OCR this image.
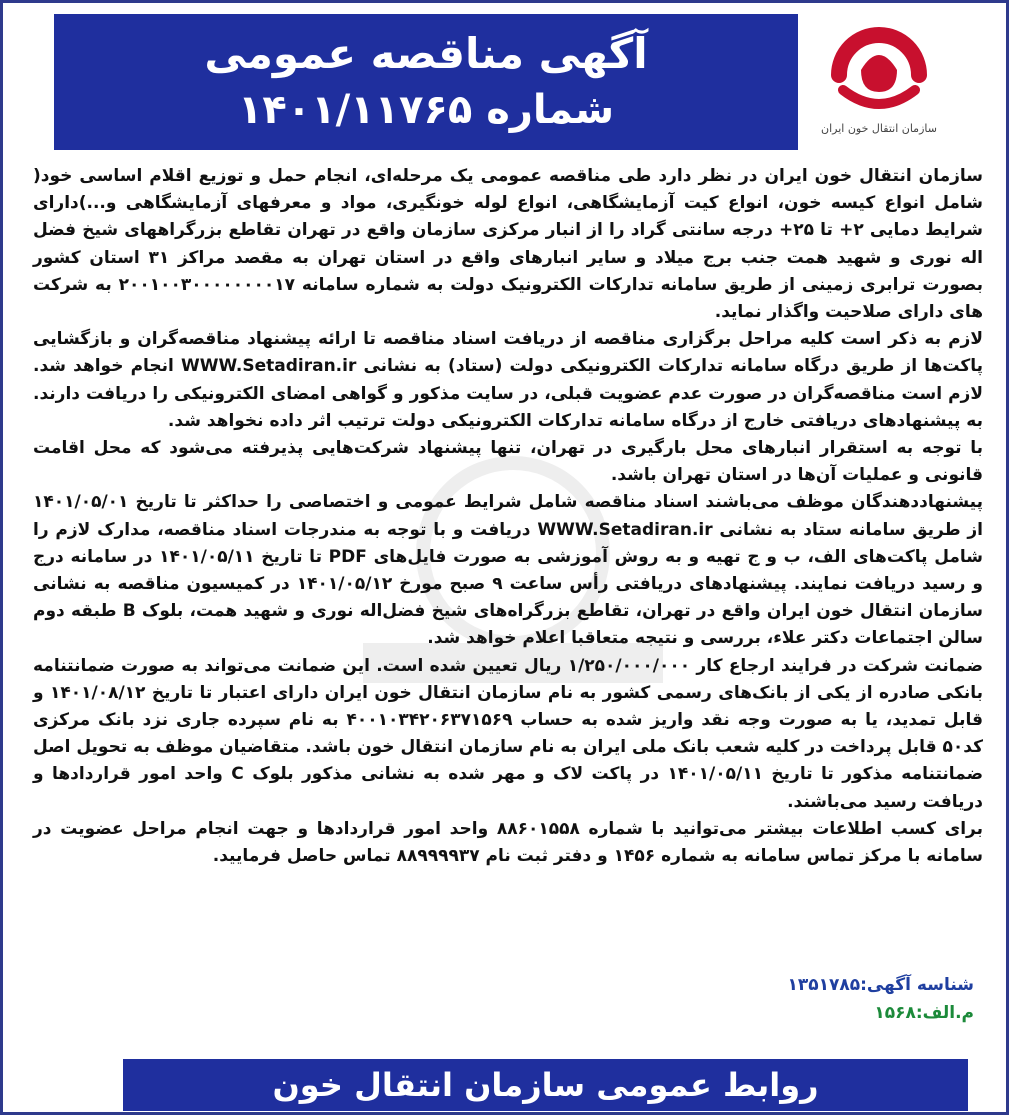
آگهی مناقصه عمومی
شماره ۱۴۰۱/۱۱۷۶۵	سازمان انتقال خون ایران

سازمان انتقال خون ایران در نظر دارد طی مناقصه عمومی یک مرحله‌ای، انجام حمل و توزیع اقلام اساسی خود( شامل انواع کیسه خون، انواع کیت آزمایشگاهی، انواع لوله خونگیری، مواد و معرفهای آزمایشگاهی و...)دارای شرایط دمایی ۲+ تا ۲۵+ درجه سانتی گراد را از انبار مرکزی سازمان واقع در تهران تقاطع بزرگراههای شیخ فضل اله نوری و شهید همت جنب برج میلاد و سایر انبارهای واقع در استان تهران به مقصد مراکز ۳۱ استان کشور بصورت ترابری زمینی از طریق سامانه تدارکات الکترونیک دولت به شماره سامانه ۲۰۰۱۰۰۳۰۰۰۰۰۰۰۰۱۷ به شرکت های دارای صلاحیت واگذار نماید.

لازم به ذکر است کلیه مراحل برگزاری مناقصه از دریافت اسناد مناقصه تا ارائه پیشنهاد مناقصه‌گران و بازگشایی پاکت‌ها از طریق درگاه سامانه تدارکات الکترونیکی دولت (ستاد) به نشانی WWW.Setadiran.ir انجام خواهد شد. لازم است مناقصه‌گران در صورت عدم عضویت قبلی، در سایت مذکور و گواهی امضای الکترونیکی را دریافت دارند. به پیشنهادهای دریافتی خارج از درگاه سامانه تدارکات الکترونیکی دولت ترتیب اثر داده نخواهد شد.

با توجه به استقرار انبارهای محل بارگیری در تهران، تنها پیشنهاد شرکت‌هایی پذیرفته می‌شود که محل اقامت قانونی و عملیات آن‌ها در استان تهران باشد.

پیشنهاددهندگان موظف می‌باشند اسناد مناقصه شامل شرایط عمومی و اختصاصی را حداکثر تا تاریخ ۱۴۰۱/۰۵/۰۱ از طریق سامانه ستاد به نشانی WWW.Setadiran.ir دریافت و با توجه به مندرجات اسناد مناقصه، مدارک لازم را شامل پاکت‌های الف، ب و ج تهیه و به روش آموزشی به صورت فایل‌های PDF تا تاریخ ۱۴۰۱/۰۵/۱۱ در سامانه درج و رسید دریافت نمایند. پیشنهادهای دریافتی رأس ساعت ۹ صبح مورخ ۱۴۰۱/۰۵/۱۲ در کمیسیون مناقصه به نشانی سازمان انتقال خون ایران واقع در تهران، تقاطع بزرگراه‌های شیخ فضل‌اله نوری و شهید همت، بلوک B طبقه دوم سالن اجتماعات دکتر علاء، بررسی و نتیجه متعاقبا اعلام خواهد شد.

ضمانت شرکت در فرایند ارجاع کار ۱/۲۵۰/۰۰۰/۰۰۰ ریال تعیین شده است. این ضمانت می‌تواند به صورت ضمانتنامه بانکی صادره از یکی از بانک‌های رسمی کشور به نام سازمان انتقال خون ایران دارای اعتبار تا تاریخ ۱۴۰۱/۰۸/۱۲ و قابل تمدید، یا به صورت وجه نقد واریز شده به حساب ۴۰۰۱۰۳۴۲۰۶۳۷۱۵۶۹ به نام سپرده جاری نزد بانک مرکزی کد۵۰ قابل پرداخت در کلیه شعب بانک ملی ایران به نام سازمان انتقال خون باشد. متقاضیان موظف به تحویل اصل ضمانتنامه مذکور تا تاریخ ۱۴۰۱/۰۵/۱۱ در پاکت لاک و مهر شده به نشانی مذکور بلوک C واحد امور قراردادها و دریافت رسید می‌باشند.

برای کسب اطلاعات بیشتر می‌توانید با شماره ۸۸۶۰۱۵۵۸ واحد امور قراردادها و جهت انجام مراحل عضویت در سامانه با مرکز تماس سامانه به شماره ۱۴۵۶ و دفتر ثبت نام ۸۸۹۹۹۹۳۷ تماس حاصل فرمایید.

شناسه آگهی:۱۳۵۱۷۸۵
م.الف:۱۵۶۸
روابط عمومی سازمان انتقال خون
